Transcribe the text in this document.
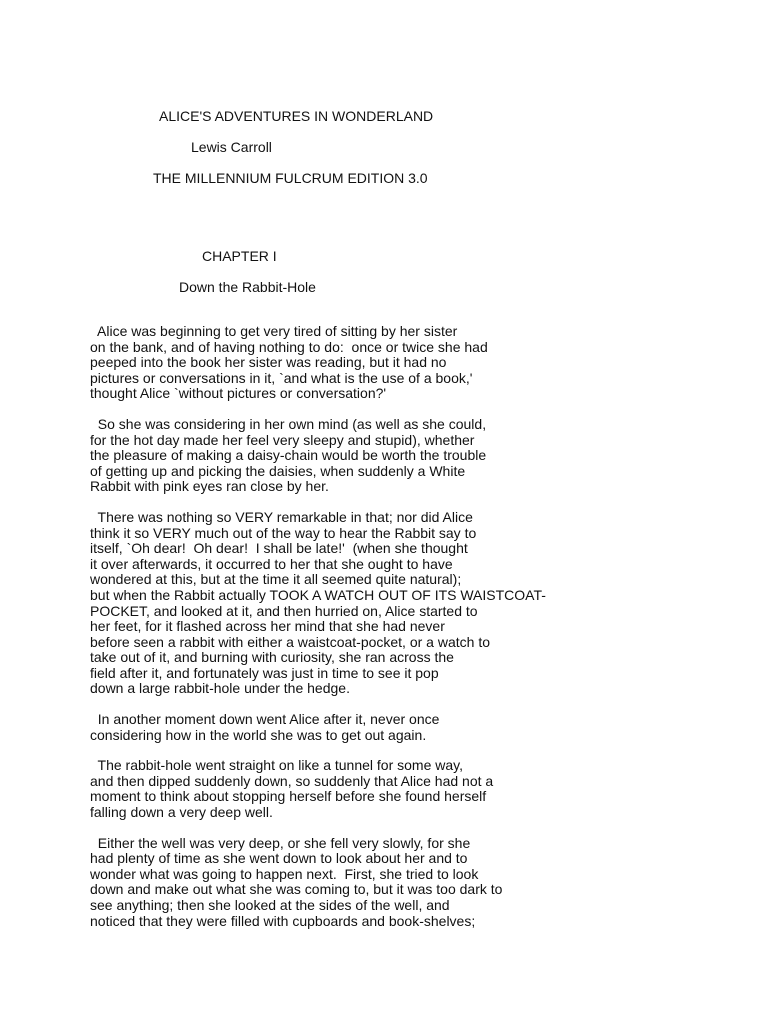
ALICE'S ADVENTURES IN WONDERLAND

Lewis Carroll

THE MILLENNIUM FULCRUM EDITION 3.0

CHAPTER I

Down the Rabbit-Hole

Alice was beginning to get very tired of sitting by her sister
on the bank, and of having nothing to do:  once or twice she had
peeped into the book her sister was reading, but it had no
pictures or conversations in it, `and what is the use of a book,'
thought Alice `without pictures or conversation?'
So she was considering in her own mind (as well as she could,
for the hot day made her feel very sleepy and stupid), whether
the pleasure of making a daisy-chain would be worth the trouble
of getting up and picking the daisies, when suddenly a White
Rabbit with pink eyes ran close by her.
There was nothing so VERY remarkable in that; nor did Alice
think it so VERY much out of the way to hear the Rabbit say to
itself, `Oh dear!  Oh dear!  I shall be late!'  (when she thought
it over afterwards, it occurred to her that she ought to have
wondered at this, but at the time it all seemed quite natural);
but when the Rabbit actually TOOK A WATCH OUT OF ITS WAISTCOAT-
POCKET, and looked at it, and then hurried on, Alice started to
her feet, for it flashed across her mind that she had never
before seen a rabbit with either a waistcoat-pocket, or a watch to
take out of it, and burning with curiosity, she ran across the
field after it, and fortunately was just in time to see it pop
down a large rabbit-hole under the hedge.
In another moment down went Alice after it, never once
considering how in the world she was to get out again.
The rabbit-hole went straight on like a tunnel for some way,
and then dipped suddenly down, so suddenly that Alice had not a
moment to think about stopping herself before she found herself
falling down a very deep well.
Either the well was very deep, or she fell very slowly, for she
had plenty of time as she went down to look about her and to
wonder what was going to happen next.  First, she tried to look
down and make out what she was coming to, but it was too dark to
see anything; then she looked at the sides of the well, and
noticed that they were filled with cupboards and book-shelves;
